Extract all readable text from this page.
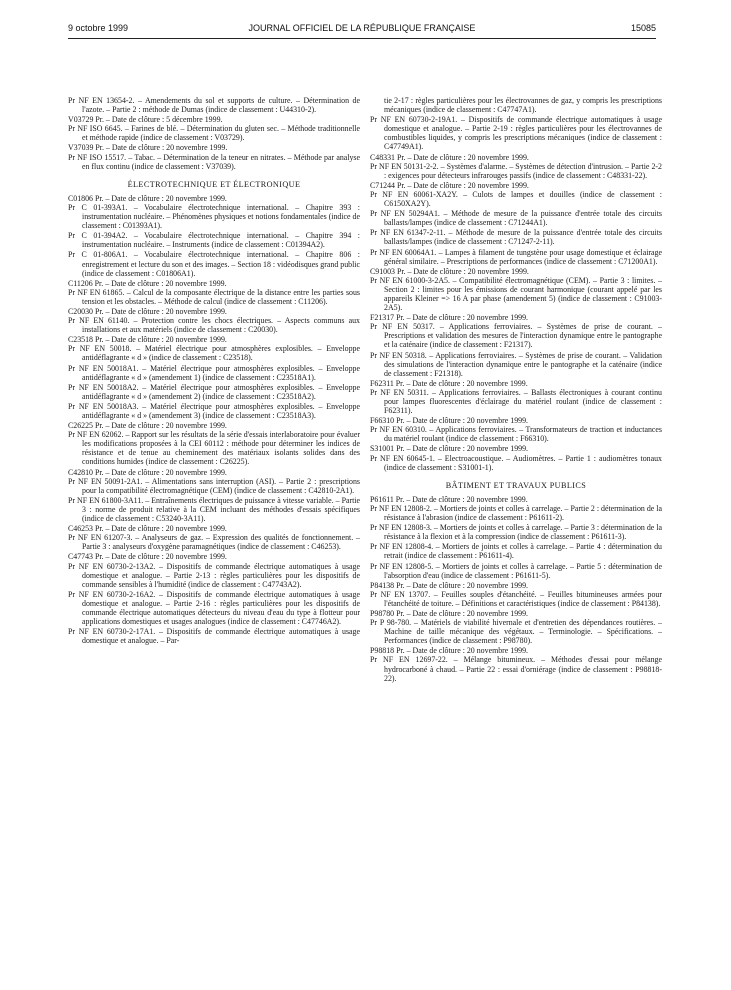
9 octobre 1999	JOURNAL OFFICIEL DE LA RÉPUBLIQUE FRANÇAISE	15085
Pr NF EN 13654-2. – Amendements du sol et supports de culture. – Détermination de l'azote. – Partie 2 : méthode de Dumas (indice de classement : U44310-2).
V03729 Pr. – Date de clôture : 5 décembre 1999.
Pr NF ISO 6645. – Farines de blé. – Détermination du gluten sec. – Méthode traditionnelle et méthode rapide (indice de classement : V03729).
V37039 Pr. – Date de clôture : 20 novembre 1999.
Pr NF ISO 15517. – Tabac. – Détermination de la teneur en nitrates. – Méthode par analyse en flux continu (indice de classement : V37039).
ÉLECTROTECHNIQUE ET ÉLECTRONIQUE
C01806 Pr. – Date de clôture : 20 novembre 1999.
Pr C 01-393A1. – Vocabulaire électrotechnique international. – Chapitre 393 : instrumentation nucléaire. – Phénomènes physiques et notions fondamentales (indice de classement : C01393A1).
Pr C 01-394A2. – Vocabulaire électrotechnique international. – Chapitre 394 : instrumentation nucléaire. – Instruments (indice de classement : C01394A2).
Pr C 01-806A1. – Vocabulaire électrotechnique international. – Chapitre 806 : enregistrement et lecture du son et des images. – Section 18 : vidéodisques grand public (indice de classement : C01806A1).
C11206 Pr. – Date de clôture : 20 novembre 1999.
Pr NF EN 61865. – Calcul de la composante électrique de la distance entre les parties sous tension et les obstacles. – Méthode de calcul (indice de classement : C11206).
C20030 Pr. – Date de clôture : 20 novembre 1999.
Pr NF EN 61140. – Protection contre les chocs électriques. – Aspects communs aux installations et aux matériels (indice de classement : C20030).
C23518 Pr. – Date de clôture : 20 novembre 1999.
Pr NF EN 50018. – Matériel électrique pour atmosphères explosibles. – Enveloppe antidéflagrante « d » (indice de classement : C23518).
Pr NF EN 50018A1. – Matériel électrique pour atmosphères explosibles. – Enveloppe antidéflagrante « d » (amendement 1) (indice de classement : C23518A1).
Pr NF EN 50018A2. – Matériel électrique pour atmosphères explosibles. – Enveloppe antidéflagrante « d » (amendement 2) (indice de classement : C23518A2).
Pr NF EN 50018A3. – Matériel électrique pour atmosphères explosibles. – Enveloppe antidéflagrante « d » (amendement 3) (indice de classement : C23518A3).
C26225 Pr. – Date de clôture : 20 novembre 1999.
Pr NF EN 62062. – Rapport sur les résultats de la série d'essais interlaboratoire pour évaluer les modifications proposées à la CEI 60112 : méthode pour déterminer les indices de résistance et de tenue au cheminement des matériaux isolants solides dans des conditions humides (indice de classement : C26225).
C42810 Pr. – Date de clôture : 20 novembre 1999.
Pr NF EN 50091-2A1. – Alimentations sans interruption (ASI). – Partie 2 : prescriptions pour la compatibilité électromagnétique (CEM) (indice de classement : C42810-2A1).
Pr NF EN 61800-3A11. – Entraînements électriques de puissance à vitesse variable. – Partie 3 : norme de produit relative à la CEM incluant des méthodes d'essais spécifiques (indice de classement : C53240-3A11).
C46253 Pr. – Date de clôture : 20 novembre 1999.
Pr NF EN 61207-3. – Analyseurs de gaz. – Expression des qualités de fonctionnement. – Partie 3 : analyseurs d'oxygène paramagnétiques (indice de classement : C46253).
C47743 Pr. – Date de clôture : 20 novembre 1999.
Pr NF EN 60730-2-13A2. – Dispositifs de commande électrique automatiques à usage domestique et analogue. – Partie 2-13 : règles particulières pour les dispositifs de commande sensibles à l'humidité (indice de classement : C47743A2).
Pr NF EN 60730-2-16A2. – Dispositifs de commande électrique automatiques à usage domestique et analogue. – Partie 2-16 : règles particulières pour les dispositifs de commande électrique automatiques détecteurs du niveau d'eau du type à flotteur pour applications domestiques et usages analogues (indice de classement : C47746A2).
Pr NF EN 60730-2-17A1. – Dispositifs de commande électrique automatiques à usage domestique et analogue. – Par-
tie 2-17 : règles particulières pour les électrovannes de gaz, y compris les prescriptions mécaniques (indice de classement : C47747A1).
Pr NF EN 60730-2-19A1. – Dispositifs de commande électrique automatiques à usage domestique et analogue. – Partie 2-19 : règles particulières pour les électrovannes de combustibles liquides, y compris les prescriptions mécaniques (indice de classement : C47749A1).
C48331 Pr. – Date de clôture : 20 novembre 1999.
Pr NF EN 50131-2-2. – Systèmes d'alarme. – Systèmes de détection d'intrusion. – Partie 2-2 : exigences pour détecteurs infrarouges passifs (indice de classement : C48331-22).
C71244 Pr. – Date de clôture : 20 novembre 1999.
Pr NF EN 60061-XA2Y. – Culots de lampes et douilles (indice de classement : C6150XA2Y).
Pr NF EN 50294A1. – Méthode de mesure de la puissance d'entrée totale des circuits ballasts/lampes (indice de classement : C71244A1).
Pr NF EN 61347-2-11. – Méthode de mesure de la puissance d'entrée totale des circuits ballasts/lampes (indice de classement : C71247-2-11).
Pr NF EN 60064A1. – Lampes à filament de tungstène pour usage domestique et éclairage général similaire. – Prescriptions de performances (indice de classement : C71200A1).
C91003 Pr. – Date de clôture : 20 novembre 1999.
Pr NF EN 61000-3-2A5. – Compatibilité électromagnétique (CEM). – Partie 3 : limites. – Section 2 : limites pour les émissions de courant harmonique (courant appelé par les appareils Kleiner => 16 A par phase (amendement 5) (indice de classement : C91003-2A5).
F21317 Pr. – Date de clôture : 20 novembre 1999.
Pr NF EN 50317. – Applications ferroviaires. – Systèmes de prise de courant. – Prescriptions et validation des mesures de l'interaction dynamique entre le pantographe et la caténaire (indice de classement : F21317).
Pr NF EN 50318. – Applications ferroviaires. – Systèmes de prise de courant. – Validation des simulations de l'interaction dynamique entre le pantographe et la caténaire (indice de classement : F21318).
F62311 Pr. – Date de clôture : 20 novembre 1999.
Pr NF EN 50311. – Applications ferroviaires. – Ballasts électroniques à courant continu pour lampes fluorescentes d'éclairage du matériel roulant (indice de classement : F62311).
F66310 Pr. – Date de clôture : 20 novembre 1999.
Pr NF EN 60310. – Applications ferroviaires. – Transformateurs de traction et inductances du matériel roulant (indice de classement : F66310).
S31001 Pr. – Date de clôture : 20 novembre 1999.
Pr NF EN 60645-1. – Electroacoustique. – Audiomètres. – Partie 1 : audiomètres tonaux (indice de classement : S31001-1).
BÂTIMENT ET TRAVAUX PUBLICS
P61611 Pr. – Date de clôture : 20 novembre 1999.
Pr NF EN 12808-2. – Mortiers de joints et colles à carrelage. – Partie 2 : détermination de la résistance à l'abrasion (indice de classement : P61611-2).
Pr NF EN 12808-3. – Mortiers de joints et colles à carrelage. – Partie 3 : détermination de la résistance à la flexion et à la compression (indice de classement : P61611-3).
Pr NF EN 12808-4. – Mortiers de joints et colles à carrelage. – Partie 4 : détermination du retrait (indice de classement : P61611-4).
Pr NF EN 12808-5. – Mortiers de joints et colles à carrelage. – Partie 5 : détermination de l'absorption d'eau (indice de classement : P61611-5).
P84138 Pr. – Date de clôture : 20 novembre 1999.
Pr NF EN 13707. – Feuilles souples d'étanchéité. – Feuilles bitumineuses armées pour l'étanchéité de toiture. – Définitions et caractéristiques (indice de classement : P84138).
P98780 Pr. – Date de clôture : 20 novembre 1999.
Pr P 98-780. – Matériels de viabilité hivernale et d'entretien des dépendances routières. – Machine de taille mécanique des végétaux. – Terminologie. – Spécifications. – Performances (indice de classement : P98780).
P98818 Pr. – Date de clôture : 20 novembre 1999.
Pr NF EN 12697-22. – Mélange bitumineux. – Méthodes d'essai pour mélange hydrocarboné à chaud. – Partie 22 : essai d'orniérage (indice de classement : P98818-22).
